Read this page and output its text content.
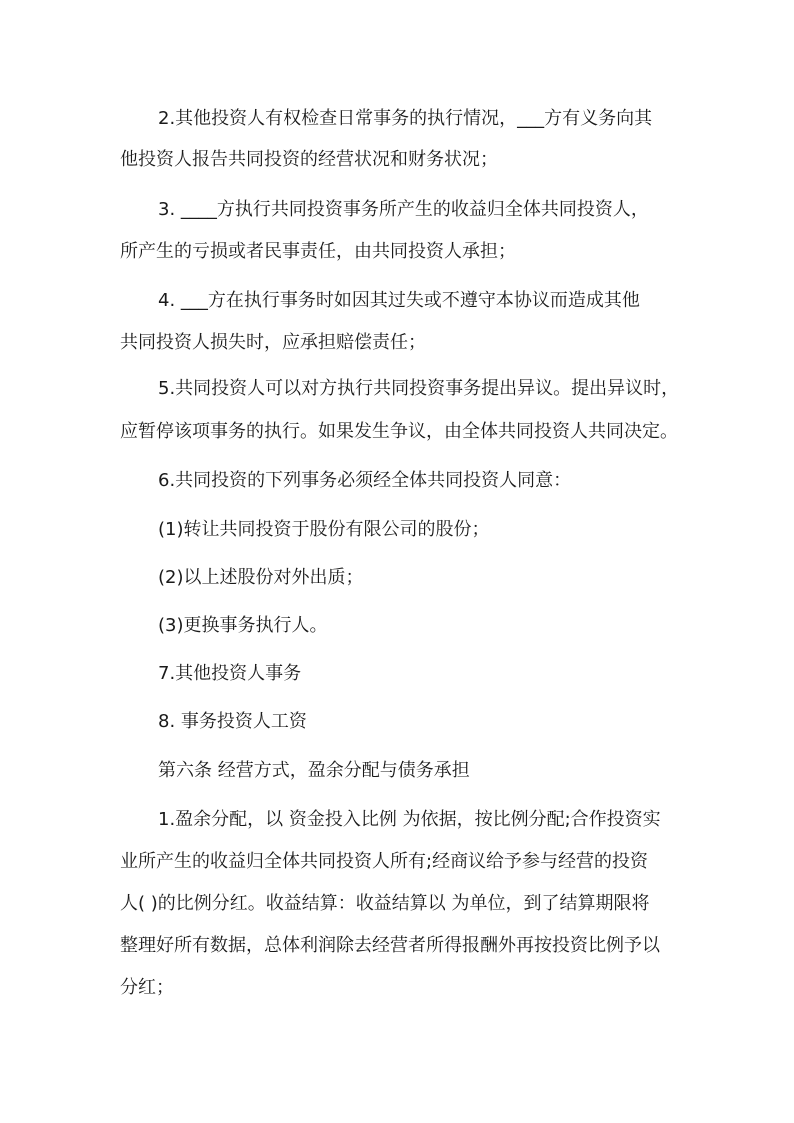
2.其他投资人有权检查日常事务的执行情况，___方有义务向其
他投资人报告共同投资的经营状况和财务状况；
3. ____方执行共同投资事务所产生的收益归全体共同投资人，
所产生的亏损或者民事责任，由共同投资人承担；
4. ___方在执行事务时如因其过失或不遵守本协议而造成其他
共同投资人损失时，应承担赔偿责任；
5.共同投资人可以对方执行共同投资事务提出异议。提出异议时，
应暂停该项事务的执行。如果发生争议，由全体共同投资人共同决定。
6.共同投资的下列事务必须经全体共同投资人同意：
(1)转让共同投资于股份有限公司的股份；
(2)以上述股份对外出质；
(3)更换事务执行人。
7.其他投资人事务
8. 事务投资人工资
第六条 经营方式，盈余分配与债务承担
1.盈余分配，以 资金投入比例 为依据，按比例分配;合作投资实
业所产生的收益归全体共同投资人所有;经商议给予参与经营的投资
人( )的比例分红。收益结算：收益结算以 为单位，到了结算期限将
整理好所有数据，总体利润除去经营者所得报酬外再按投资比例予以
分红；
